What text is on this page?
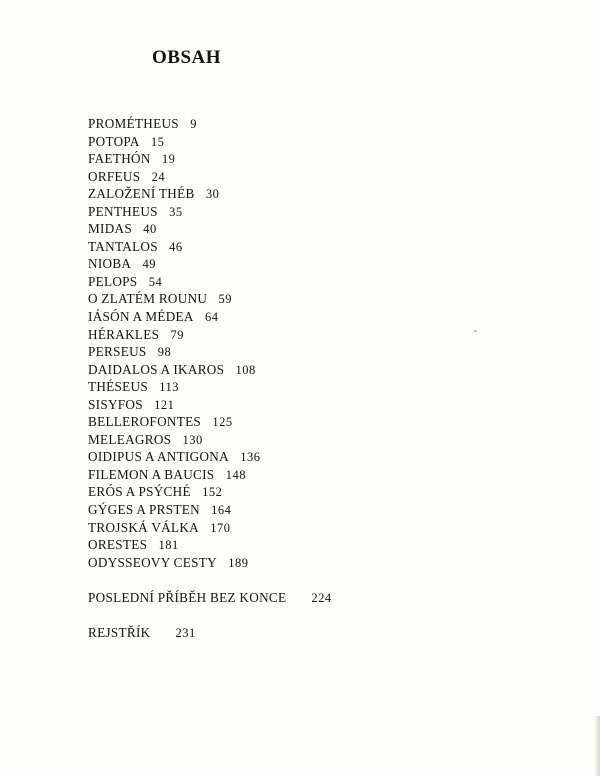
OBSAH
PROMÉTHEUS 9
POTOPA 15
FAETHÓN 19
ORFEUS 24
ZALOŽENÍ THÉB 30
PENTHEUS 35
MIDAS 40
TANTALOS 46
NIOBA 49
PELOPS 54
O ZLATÉM ROUNU 59
IÁSÓN A MÉDEA 64
HÉRAKLES 79
PERSEUS 98
DAIDALOS A IKAROS 108
THÉSEUS 113
SISYFOS 121
BELLEROFONTES 125
MELEAGROS 130
OIDIPUS A ANTIGONA 136
FILEMON A BAUCIS 148
ERÓS A PSÝCHÉ 152
GÝGES A PRSTEN 164
TROJSKÁ VÁLKA 170
ORESTES 181
ODYSSEOVY CESTY 189

POSLEDNÍ PŘÍBĚH BEZ KONCE 224

REJSTŘÍK 231
